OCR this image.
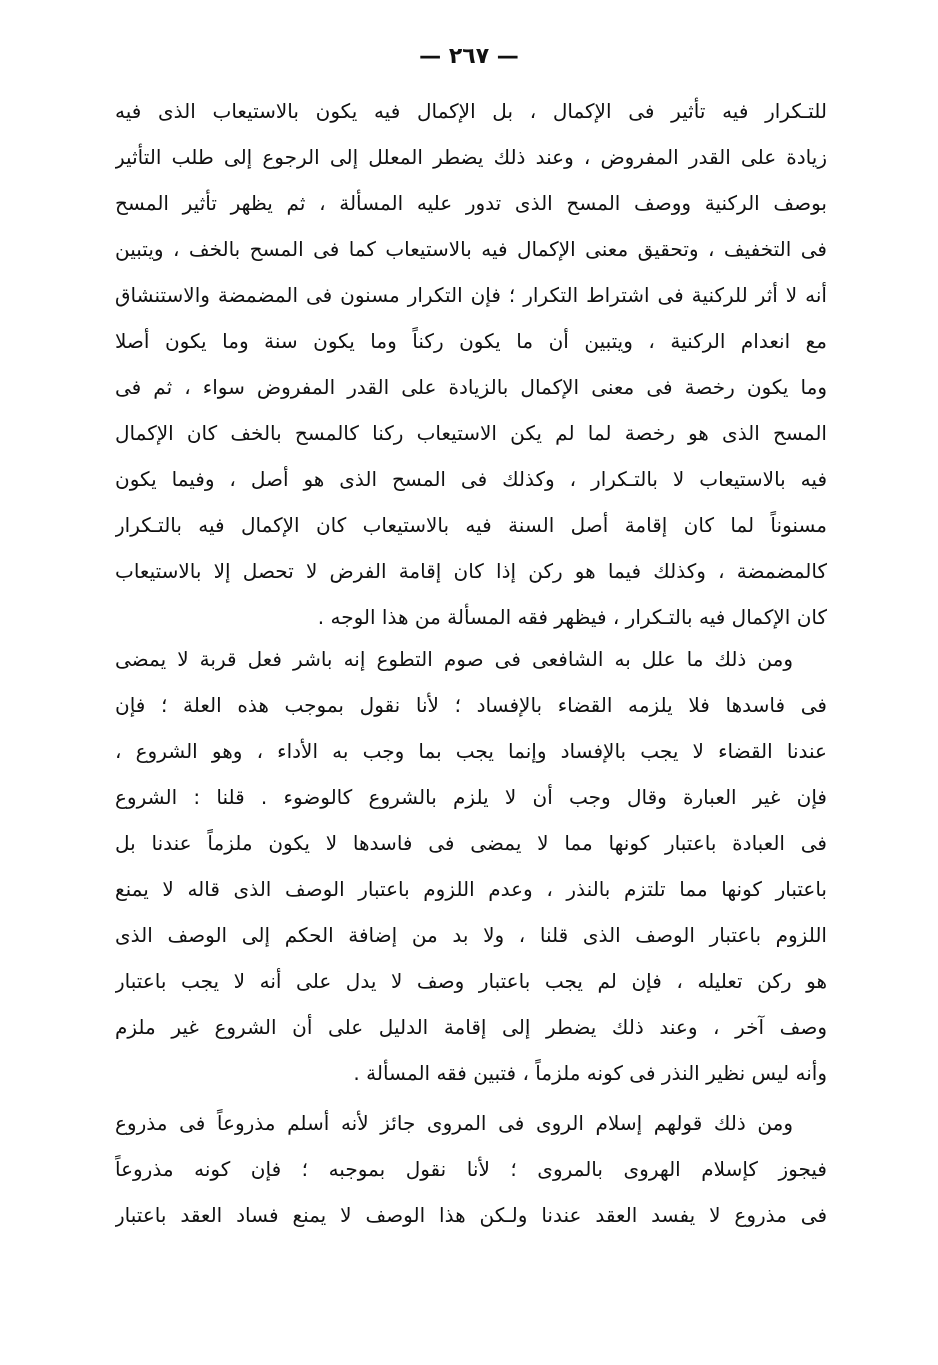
— ٢٦٧ —
للتـكرار فيه تأثير فى الإكمال ، بل الإكمال فيه يكون بالاستيعاب الذى فيه
زيادة على القدر المفروض ، وعند ذلك يضطر المعلل إلى الرجوع إلى طلب التأثير
بوصف الركنية ووصف المسح الذى تدور عليه المسألة ، ثم يظهر تأثير المسح
فى التخفيف ، وتحقيق معنى الإكمال فيه بالاستيعاب كما فى المسح بالخف ، ويتبين
أنه لا أثر للركنية فى اشتراط التكرار ؛ فإن التكرار مسنون فى المضمضة والاستنشاق
مع انعدام الركنية ، ويتبين أن ما يكون ركناً وما يكون سنة وما يكون أصلا
وما يكون رخصة فى معنى الإكمال بالزيادة على القدر المفروض سواء ، ثم فى
المسح الذى هو رخصة لما لم يكن الاستيعاب ركنا كالمسح بالخف كان الإكمال
فيه بالاستيعاب لا بالتـكرار ، وكذلك فى المسح الذى هو أصل ، وفيما يكون
مسنوناً لما كان إقامة أصل السنة فيه بالاستيعاب كان الإكمال فيه بالتـكرار
كالمضمضة ، وكذلك فيما هو ركن إذا كان إقامة الفرض لا تحصل إلا بالاستيعاب
كان الإكمال فيه بالتـكرار ، فيظهر فقه المسألة من هذا الوجه .
ومن ذلك ما علل به الشافعى فى صوم التطوع إنه باشر فعل قربة لا يمضى
فى فاسدها فلا يلزمه القضاء بالإفساد ؛ لأنا نقول بموجب هذه العلة ؛ فإن
عندنا القضاء لا يجب بالإفساد وإنما يجب بما وجب به الأداء ، وهو الشروع ،
فإن غير العبارة وقال وجب أن لا يلزم بالشروع كالوضوء . قلنا : الشروع
فى العبادة باعتبار كونها مما لا يمضى فى فاسدها لا يكون ملزماً عندنا بل
باعتبار كونها مما تلتزم بالنذر ، وعدم اللزوم باعتبار الوصف الذى قاله لا يمنع
اللزوم باعتبار الوصف الذى قلنا ، ولا بد من إضافة الحكم إلى الوصف الذى
هو ركن تعليله ، فإن لم يجب باعتبار وصف لا يدل على أنه لا يجب باعتبار
وصف آخر ، وعند ذلك يضطر إلى إقامة الدليل على أن الشروع غير ملزم
وأنه ليس نظير النذر فى كونه ملزماً ، فتبين فقه المسألة .
ومن ذلك قولهم إسلام الروى فى المروى جائز لأنه أسلم مذروعاً فى مذروع
فيجوز كإسلام الهروى بالمروى ؛ لأنا نقول بموجبه ؛ فإن كونه مذروعاً
فى مذروع لا يفسد العقد عندنا ولـكن هذا الوصف لا يمنع فساد العقد باعتبار
